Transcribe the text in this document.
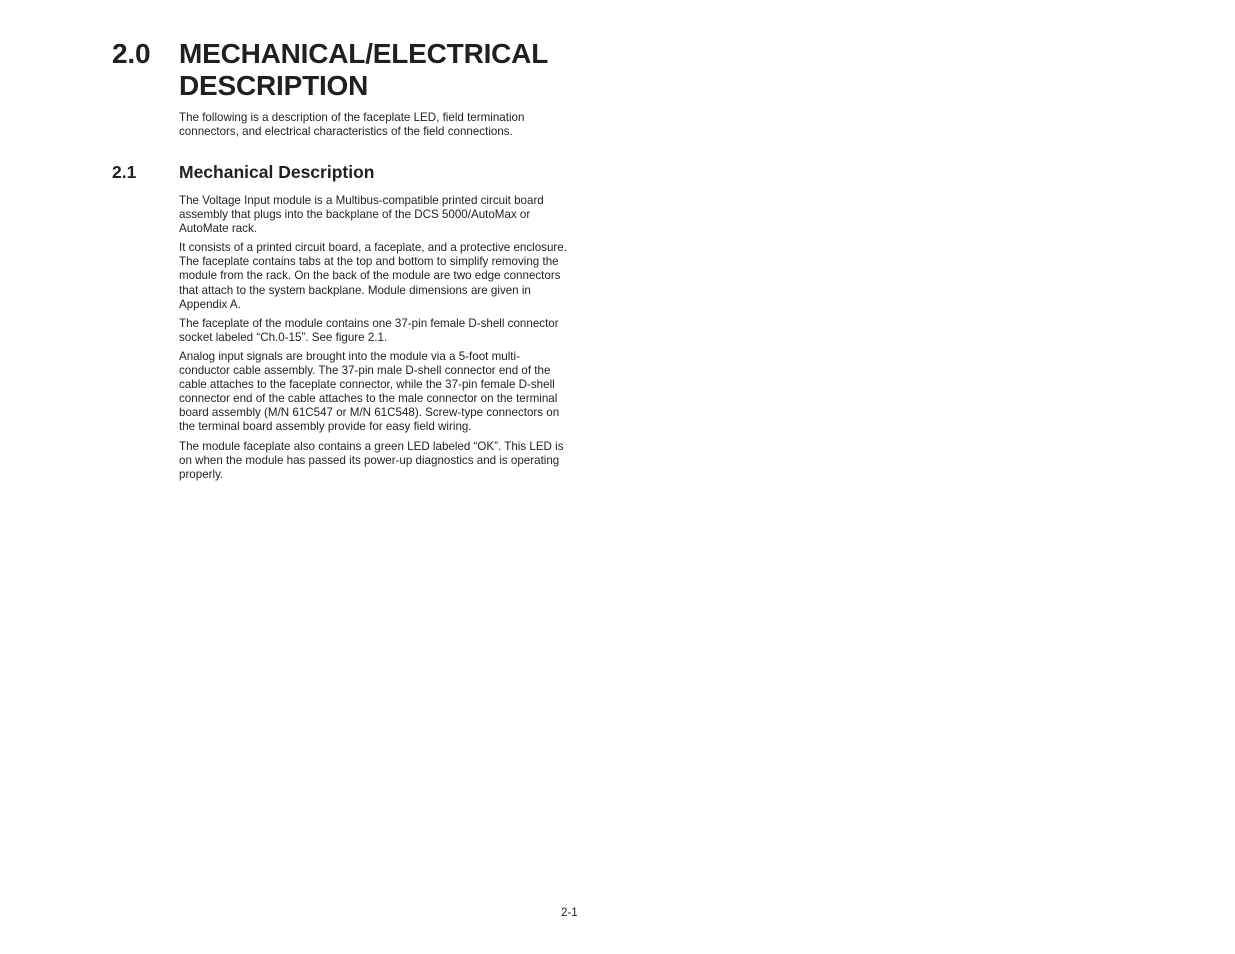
2.0 MECHANICAL/ELECTRICAL DESCRIPTION

The following is a description of the faceplate LED, field termination connectors, and electrical characteristics of the field connections.

2.1 Mechanical Description

The Voltage Input module is a Multibus-compatible printed circuit board assembly that plugs into the backplane of the DCS 5000/AutoMax or AutoMate rack.

It consists of a printed circuit board, a faceplate, and a protective enclosure. The faceplate contains tabs at the top and bottom to simplify removing the module from the rack. On the back of the module are two edge connectors that attach to the system backplane. Module dimensions are given in Appendix A.

The faceplate of the module contains one 37-pin female D-shell connector socket labeled “Ch.0-15”. See figure 2.1.

Analog input signals are brought into the module via a 5-foot multi-conductor cable assembly. The 37-pin male D-shell connector end of the cable attaches to the faceplate connector, while the 37-pin female D-shell connector end of the cable attaches to the male connector on the terminal board assembly (M/N 61C547 or M/N 61C548). Screw-type connectors on the terminal board assembly provide for easy field wiring.

The module faceplate also contains a green LED labeled “OK”. This LED is on when the module has passed its power-up diagnostics and is operating properly.

2-1
